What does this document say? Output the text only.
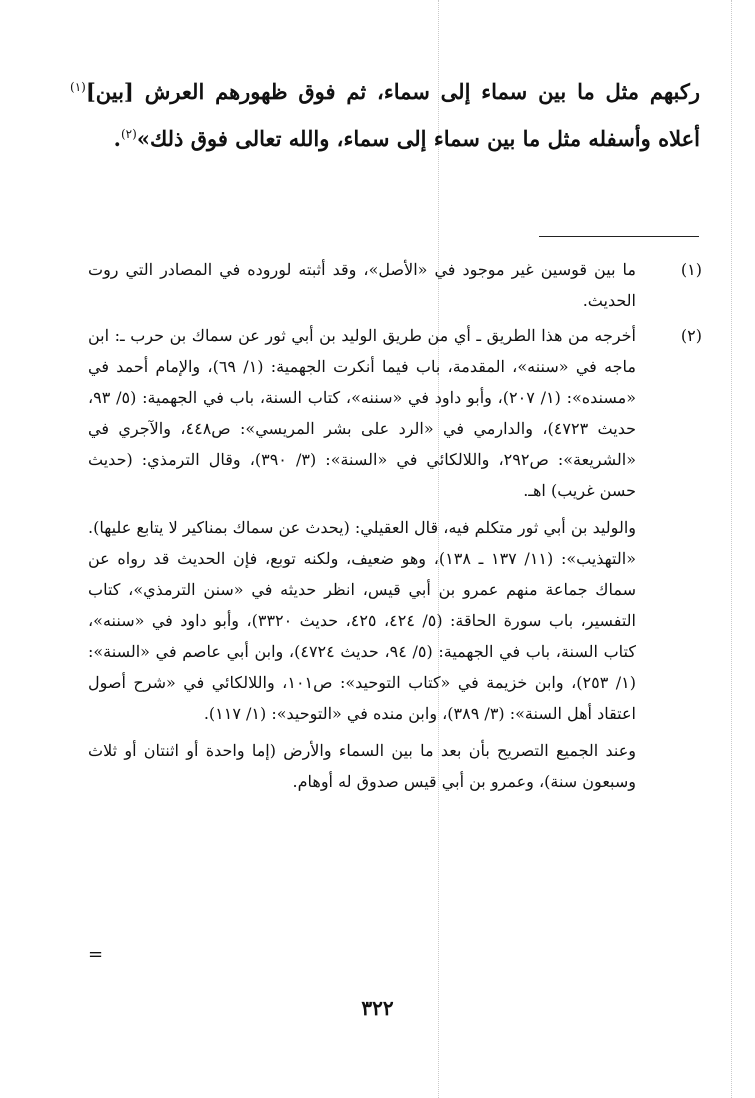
ركبهم مثل ما بين سماء إلى سماء، ثم فوق ظهورهم العرش [بين]$^{(١)}$ أعلاه وأسفله مثل ما بين سماء إلى سماء، والله تعالى فوق ذلك»$^{(٢)}$.

(١)

ما بين قوسين غير موجود في «الأصل»، وقد أثبته لوروده في المصادر التي روت الحديث.

(٢)

أخرجه من هذا الطريق ـ أي من طريق الوليد بن أبي ثور عن سماك بن حرب ـ: ابن ماجه في «سننه»، المقدمة، باب فيما أنكرت الجهمية: (١/ ٦٩)، والإمام أحمد في «مسنده»: (١/ ٢٠٧)، وأبو داود في «سننه»، كتاب السنة، باب في الجهمية: (٥/ ٩٣، حديث ٤٧٢٣)، والدارمي في «الرد على بشر المريسي»: ص٤٤٨، والآجري في «الشريعة»: ص٢٩٢، واللالكائي في «السنة»: (٣/ ٣٩٠)، وقال الترمذي: (حديث حسن غريب) اهـ.

والوليد بن أبي ثور متكلم فيه، قال العقيلي: (يحدث عن سماك بمناكير لا يتابع عليها). «التهذيب»: (١١/ ١٣٧ ـ ١٣٨)، وهو ضعيف، ولكنه توبع، فإن الحديث قد رواه عن سماك جماعة منهم عمرو بن أبي قيس، انظر حديثه في «سنن الترمذي»، كتاب التفسير، باب سورة الحاقة: (٥/ ٤٢٤، ٤٢٥، حديث ٣٣٢٠)، وأبو داود في «سننه»، كتاب السنة، باب في الجهمية: (٥/ ٩٤، حديث ٤٧٢٤)، وابن أبي عاصم في «السنة»: (١/ ٢٥٣)، وابن خزيمة في «كتاب التوحيد»: ص١٠١، واللالكائي في «شرح أصول اعتقاد أهل السنة»: (٣/ ٣٨٩)، وابن منده في «التوحيد»: (١/ ١١٧).

وعند الجميع التصريح بأن بعد ما بين السماء والأرض (إما واحدة أو اثنتان أو ثلاث وسبعون سنة)، وعمرو بن أبي قيس صدوق له أوهام.

=
٣٢٢
